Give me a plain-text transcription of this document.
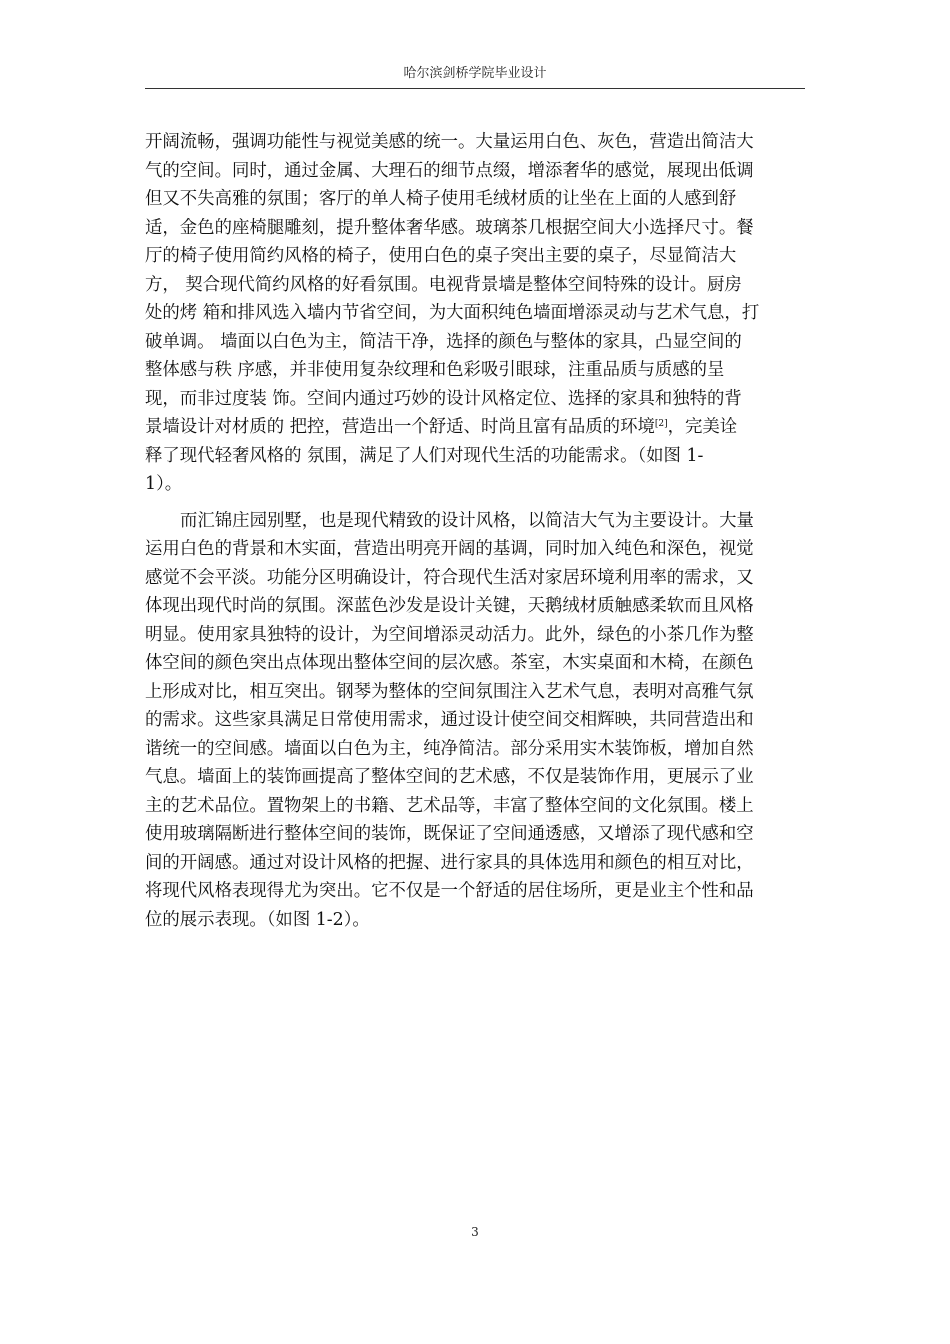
哈尔滨剑桥学院毕业设计
开阔流畅，强调功能性与视觉美感的统一。大量运用白色、灰色，营造出简洁大
气的空间。同时，通过金属、大理石的细节点缀，增添奢华的感觉，展现出低调
但又不失高雅的氛围；客厅的单人椅子使用毛绒材质的让坐在上面的人感到舒
适，金色的座椅腿雕刻，提升整体奢华感。玻璃茶几根据空间大小选择尺寸。餐
厅的椅子使用简约风格的椅子，使用白色的桌子突出主要的桌子，尽显简洁大
方， 契合现代简约风格的好看氛围。电视背景墙是整体空间特殊的设计。厨房
处的烤 箱和排风选入墙内节省空间，为大面积纯色墙面增添灵动与艺术气息，打
破单调。 墙面以白色为主，简洁干净，选择的颜色与整体的家具，凸显空间的
整体感与秩 序感，并非使用复杂纹理和色彩吸引眼球，注重品质与质感的呈
现，而非过度装 饰。空间内通过巧妙的设计风格定位、选择的家具和独特的背
景墙设计对材质的 把控，营造出一个舒适、时尚且富有品质的环境[2]，完美诠
释了现代轻奢风格的 氛围，满足了人们对现代生活的功能需求。（如图 1-
1）。
而汇锦庄园别墅，也是现代精致的设计风格，以简洁大气为主要设计。大量
运用白色的背景和木实面，营造出明亮开阔的基调，同时加入纯色和深色，视觉
感觉不会平淡。功能分区明确设计，符合现代生活对家居环境利用率的需求，又
体现出现代时尚的氛围。深蓝色沙发是设计关键，天鹅绒材质触感柔软而且风格
明显。使用家具独特的设计，为空间增添灵动活力。此外，绿色的小茶几作为整
体空间的颜色突出点体现出整体空间的层次感。茶室，木实桌面和木椅，在颜色
上形成对比，相互突出。钢琴为整体的空间氛围注入艺术气息，表明对高雅气氛
的需求。这些家具满足日常使用需求，通过设计使空间交相辉映，共同营造出和
谐统一的空间感。墙面以白色为主，纯净简洁。部分采用实木装饰板，增加自然
气息。墙面上的装饰画提高了整体空间的艺术感，不仅是装饰作用，更展示了业
主的艺术品位。置物架上的书籍、艺术品等，丰富了整体空间的文化氛围。楼上
使用玻璃隔断进行整体空间的装饰，既保证了空间通透感，又增添了现代感和空
间的开阔感。通过对设计风格的把握、进行家具的具体选用和颜色的相互对比，
将现代风格表现得尤为突出。它不仅是一个舒适的居住场所，更是业主个性和品
位的展示表现。（如图 1-2）。
3
